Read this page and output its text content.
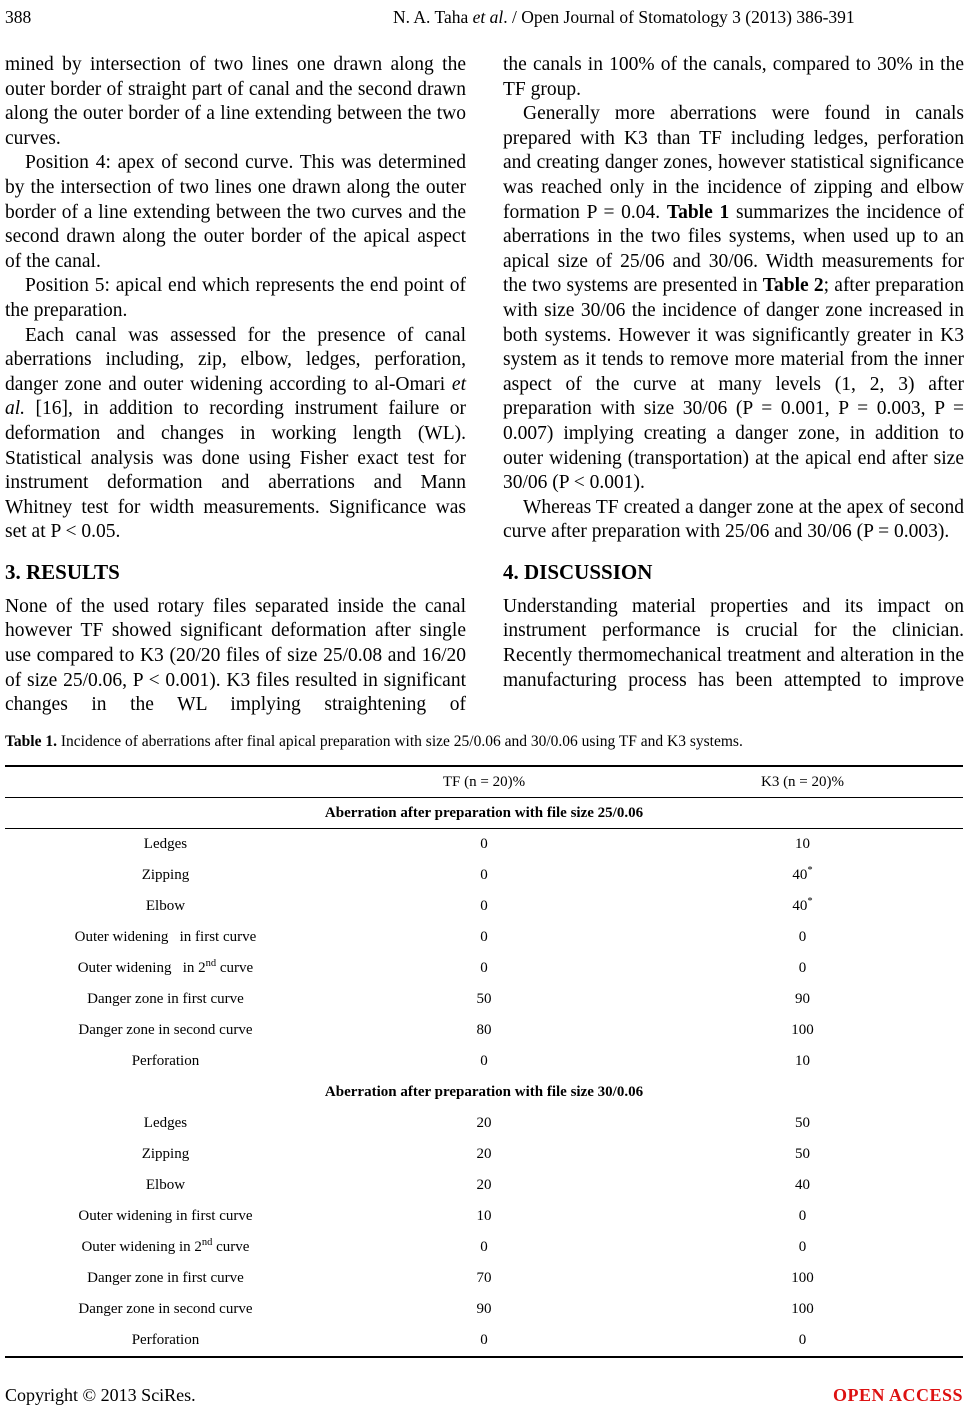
388	N. A. Taha et al. / Open Journal of Stomatology 3 (2013) 386-391

mined by intersection of two lines one drawn along the outer border of straight part of canal and the second drawn along the outer border of a line extending between the two curves.

Position 4: apex of second curve. This was determined by the intersection of two lines one drawn along the outer border of a line extending between the two curves and the second drawn along the outer border of the apical aspect of the canal.

Position 5: apical end which represents the end point of the preparation.

Each canal was assessed for the presence of canal aberrations including, zip, elbow, ledges, perforation, danger zone and outer widening according to al-Omari et al. [16], in addition to recording instrument failure or deformation and changes in working length (WL). Statistical analysis was done using Fisher exact test for instrument deformation and aberrations and Mann Whitney test for width measurements. Significance was set at P < 0.05.

3. RESULTS

None of the used rotary files separated inside the canal however TF showed significant deformation after single use compared to K3 (20/20 files of size 25/0.08 and 16/20 of size 25/0.06, P < 0.001). K3 files resulted in significant changes in the WL implying straightening of

the canals in 100% of the canals, compared to 30% in the TF group.

Generally more aberrations were found in canals prepared with K3 than TF including ledges, perforation and creating danger zones, however statistical significance was reached only in the incidence of zipping and elbow formation P = 0.04. Table 1 summarizes the incidence of aberrations in the two files systems, when used up to an apical size of 25/06 and 30/06. Width measurements for the two systems are presented in Table 2; after preparation with size 30/06 the incidence of danger zone increased in both systems. However it was significantly greater in K3 system as it tends to remove more material from the inner aspect of the curve at many levels (1, 2, 3) after preparation with size 30/06 (P = 0.001, P = 0.003, P = 0.007) implying creating a danger zone, in addition to outer widening (transportation) at the apical end after size 30/06 (P < 0.001).

Whereas TF created a danger zone at the apex of second curve after preparation with 25/06 and 30/06 (P = 0.003).

4. DISCUSSION

Understanding material properties and its impact on instrument performance is crucial for the clinician. Recently thermomechanical treatment and alteration in the manufacturing process has been attempted to improve

Table 1. Incidence of aberrations after final apical preparation with size 25/0.06 and 30/0.06 using TF and K3 systems.

TF (n = 20)%	K3 (n = 20)%
Aberration after preparation with file size 25/0.06
Ledges	0	10
Zipping	0	40*
Elbow	0	40*
Outer widening   in first curve	0	0
Outer widening   in 2nd curve	0	0
Danger zone in first curve	50	90
Danger zone in second curve	80	100
Perforation	0	10
Aberration after preparation with file size 30/0.06
Ledges	20	50
Zipping	20	50
Elbow	20	40
Outer widening in first curve	10	0
Outer widening in 2nd curve	0	0
Danger zone in first curve	70	100
Danger zone in second curve	90	100
Perforation	0	0
Copyright © 2013 SciRes.	OPEN ACCESS
